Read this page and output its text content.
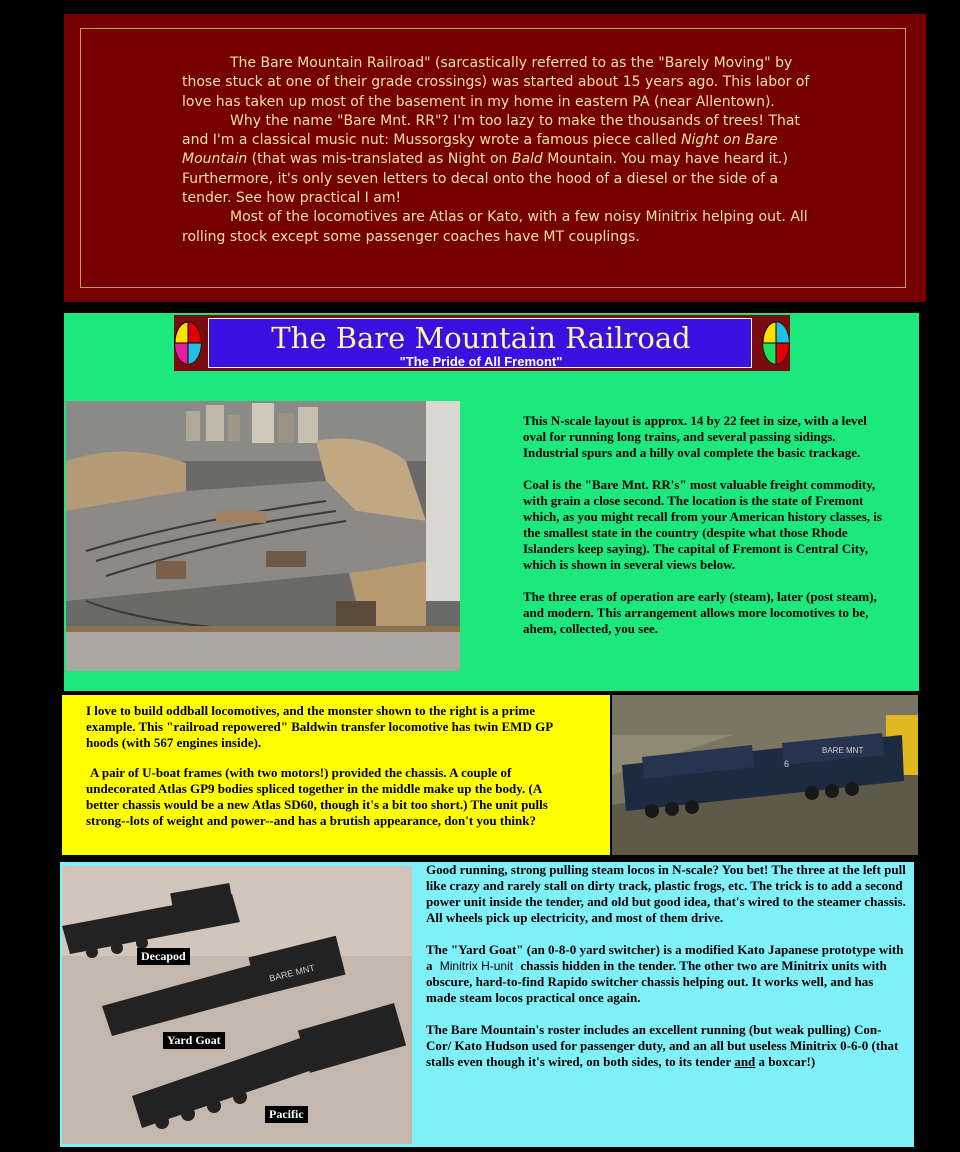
The Bare Mountain Railroad" (sarcastically referred to as the "Barely Moving" by those stuck at one of their grade crossings) was started about 15 years ago. This labor of love has taken up most of the basement in my home in eastern PA (near Allentown).

Why the name "Bare Mnt. RR"? I'm too lazy to make the thousands of trees! That and I'm a classical music nut: Mussorgsky wrote a famous piece called Night on Bare Mountain (that was mis-translated as Night on Bald Mountain. You may have heard it.) Furthermore, it's only seven letters to decal onto the hood of a diesel or the side of a tender. See how practical I am!

Most of the locomotives are Atlas or Kato, with a few noisy Minitrix helping out. All rolling stock except some passenger coaches have MT couplings.

The Bare Mountain Railroad
"The Pride of All Fremont"

This N-scale layout is approx. 14 by 22 feet in size, with a level oval for running long trains, and several passing sidings. Industrial spurs and a hilly oval complete the basic trackage.

Coal is the "Bare Mnt. RR's" most valuable freight commodity, with grain a close second. The location is the state of Fremont which, as you might recall from your American history classes, is the smallest state in the country (despite what those Rhode Islanders keep saying). The capital of Fremont is Central City, which is shown in several views below.

The three eras of operation are early (steam), later (post steam), and modern. This arrangement allows more locomotives to be, ahem, collected, you see.

I love to build oddball locomotives, and the monster shown to the right is a prime example. This "railroad repowered" Baldwin transfer locomotive has twin EMD GP hoods (with 567 engines inside).

A pair of U-boat frames (with two motors!) provided the chassis. A couple of undecorated Atlas GP9 bodies spliced together in the middle make up the body. (A better chassis would be a new Atlas SD60, though it's a bit too short.) The unit pulls strong--lots of weight and power--and has a brutish appearance, don't you think?

BARE MNT
6
BARE MNT
Decapod
Yard Goat
Pacific

Good running, strong pulling steam locos in N-scale? You bet! The three at the left pull like crazy and rarely stall on dirty track, plastic frogs, etc. The trick is to add a second power unit inside the tender, and old but good idea, that's wired to the steamer chassis. All wheels pick up electricity, and most of them drive.

The "Yard Goat" (an 0-8-0 yard switcher) is a modified Kato Japanese prototype with a Minitrix H-unit chassis hidden in the tender. The other two are Minitrix units with obscure, hard-to-find Rapido switcher chassis helping out. It works well, and has made steam locos practical once again.

The Bare Mountain's roster includes an excellent running (but weak pulling) Con-Cor/ Kato Hudson used for passenger duty, and an all but useless Minitrix 0-6-0 (that stalls even though it's wired, on both sides, to its tender and a boxcar!)
